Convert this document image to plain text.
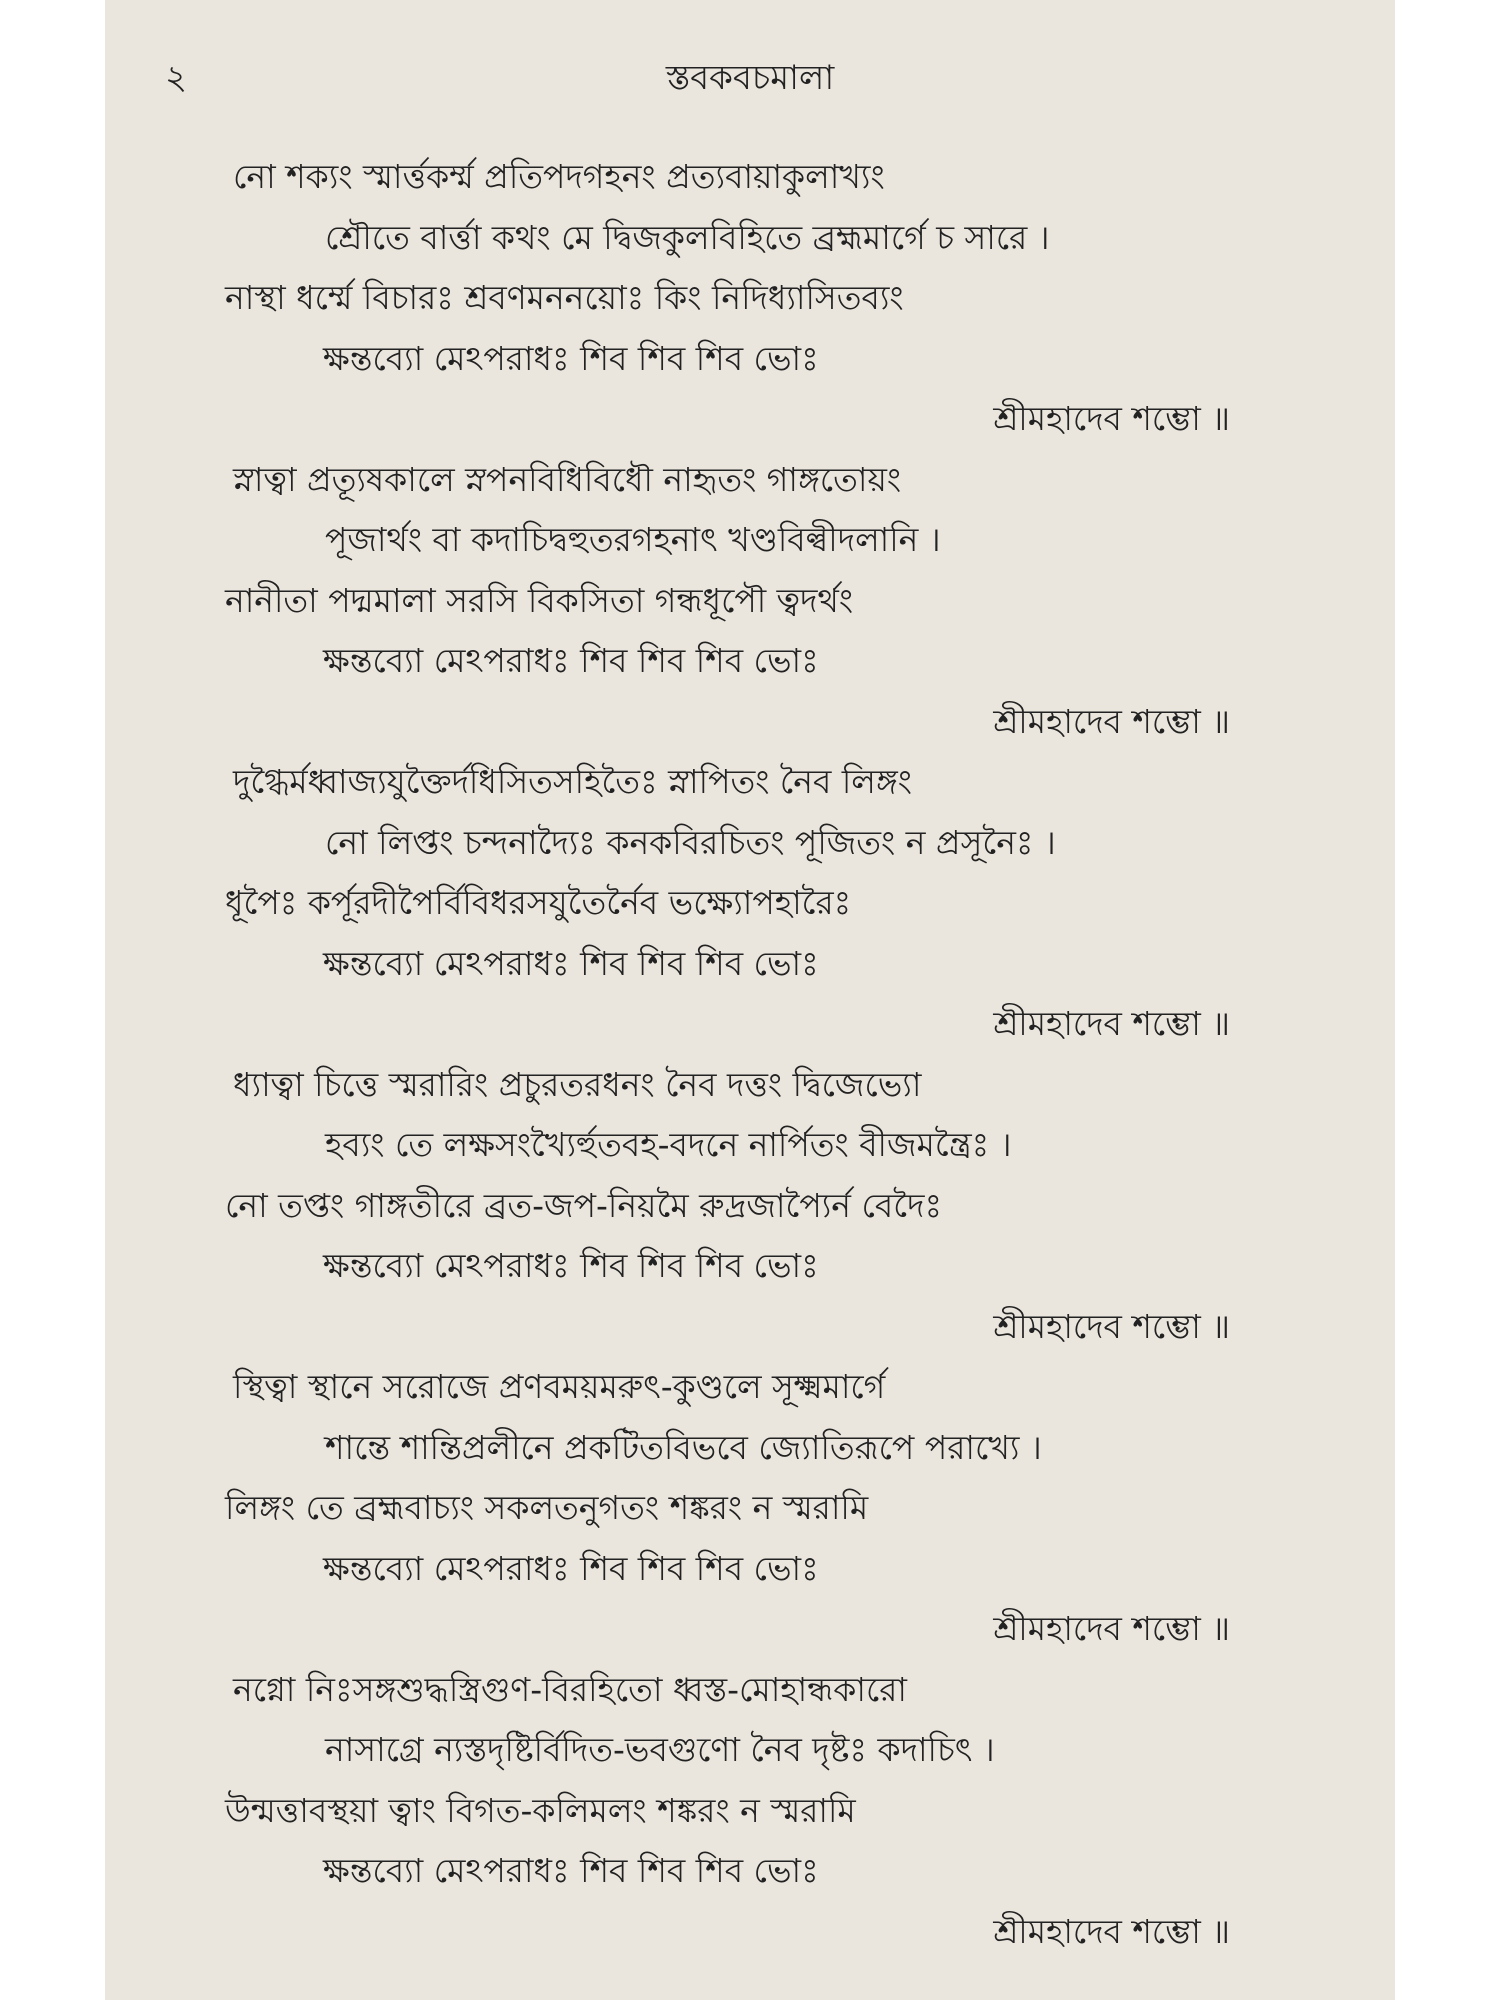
২	স্তবকবচমালা
নো শক্যং স্মার্ত্তকর্ম্ম প্রতিপদগহনং প্রত্যবায়াকুলাখ্যং
শ্রৌতে বার্ত্তা কথং মে দ্বিজকুলবিহিতে ব্রহ্মমার্গে চ সারে ।
নাস্থা ধর্ম্মে বিচারঃ শ্রবণমননয়োঃ কিং নিদিধ্যাসিতব্যং
ক্ষন্তব্যো মেঽপরাধঃ শিব শিব শিব ভোঃ
শ্রীমহাদেব শম্ভো ॥
স্নাত্বা প্রত্যূষকালে স্নপনবিধিবিধৌ নাহৃতং গাঙ্গতোয়ং
পূজার্থং বা কদাচিদ্বহুতরগহনাৎ খণ্ডবিল্বীদলানি ।
নানীতা পদ্মমালা সরসি বিকসিতা গন্ধধূপৌ ত্বদর্থং
ক্ষন্তব্যো মেঽপরাধঃ শিব শিব শিব ভোঃ
শ্রীমহাদেব শম্ভো ॥
দুগ্ধৈর্মধ্বাজ্যযুক্তৈর্দধিসিতসহিতৈঃ স্নাপিতং নৈব লিঙ্গং
নো লিপ্তং চন্দনাদ্যৈঃ কনকবিরচিতং পূজিতং ন প্রসূনৈঃ ।
ধূপৈঃ কর্পূরদীপৈর্বিবিধরসযুতৈর্নৈব ভক্ষ্যোপহারৈঃ
ক্ষন্তব্যো মেঽপরাধঃ শিব শিব শিব ভোঃ
শ্রীমহাদেব শম্ভো ॥
ধ্যাত্বা চিত্তে স্মরারিং প্রচুরতরধনং নৈব দত্তং দ্বিজেভ্যো
হব্যং তে লক্ষসংখ্যৈর্হুতবহ-বদনে নার্পিতং বীজমন্ত্রৈঃ ।
নো তপ্তং গাঙ্গতীরে ব্রত-জপ-নিয়মৈ রুদ্রজাপ্যৈর্ন বেদৈঃ
ক্ষন্তব্যো মেঽপরাধঃ শিব শিব শিব ভোঃ
শ্রীমহাদেব শম্ভো ॥
স্থিত্বা স্থানে সরোজে প্রণবময়মরুৎ-কুণ্ডলে সূক্ষ্মমার্গে
শান্তে শান্তিপ্রলীনে প্রকটিতবিভবে জ্যোতিরূপে পরাখ্যে ।
লিঙ্গং তে ব্রহ্মবাচ্যং সকলতনুগতং শঙ্করং ন স্মরামি
ক্ষন্তব্যো মেঽপরাধঃ শিব শিব শিব ভোঃ
শ্রীমহাদেব শম্ভো ॥
নগ্নো নিঃসঙ্গশুদ্ধস্ত্রিগুণ-বিরহিতো ধ্বস্ত-মোহান্ধকারো
নাসাগ্রে ন্যস্তদৃষ্টির্বিদিত-ভবগুণো নৈব দৃষ্টঃ কদাচিৎ ।
উন্মত্তাবস্থয়া ত্বাং বিগত-কলিমলং শঙ্করং ন স্মরামি
ক্ষন্তব্যো মেঽপরাধঃ শিব শিব শিব ভোঃ
শ্রীমহাদেব শম্ভো ॥
